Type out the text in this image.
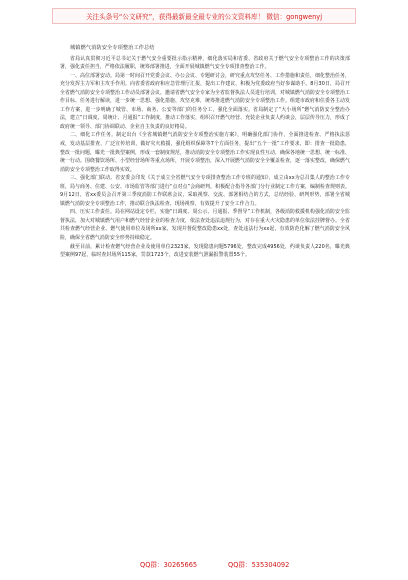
关注头条号“公文研究”，获得最新最全最专业的公文资料库！ 微信：gongwenyj
城镇燃气消防安全专项整治工作总结

省局认真贯彻习近平总书记关于燃气安全重要批示指示精神，细化落实局和省委、省政府关于燃气安全专项整治工作的决策部署，强化责任担当，严格依法履职，统筹部署推进，全面开展城镇燃气安全专项排查整治工作。

一、高位部署安动。局第一时间召开党委会议、办公会议、专题研讨会，研究重点攻坚任务、工作措施和责任，细化整治任务，充分发挥主力军和主攻手作用。向省委省政府和应急管理厅汇报，提出工作建议，积极为党委政府当好参谋助手。8月30日，局召开全省燃气消防安全专项整治工作动员部署会议，邀请省燃气安全专家为全省监督执法人员进行培训，对城镇燃气消防安全专项整治工作目标、任务进行解读，进一步统一思想、强化措施、攻坚克难，统筹推进燃气消防安全专项整治工作。组建市政府和住委各主动发工作方案，进一步明确了城管、市场、商务、公安等部门的任务分工，强化全面落实。省局制定了“大小场所”燃气消防安全整治办法，建立“日调度、周统计、月通报”工作制度，推动工作落实，组织召开燃气经营、充装企业负责人约谈会，层层传导压力，形成了政府统一领导、部门协调联动、企业自主负责的良好格局。

二、细化工作任务。制定出台《全省城镇燃气消防安全专项整治实施方案》，明确强化部门协作，全面推进检查、严格执法惩戒，发动基层排查，广泛宣传培训，做好灾火救援，强化组织保障等7个方面任务，提出“五个一批”工作要求，即：排查一批隐患，整改一批问题，曝光一批典型案例，形成一套制度规范，推动消防安全专项整治工作实现良性互动，确保各地统一思想、统一标准、统一行动。围绕餐饮场所、小型经营场所等重点场所，开展专项整治，深入开展燃气消防安全全覆盖检查，逐一落实整改，确保燃气消防安全专项整治工作取得实效。

三、强化部门联动。省安委会印发《关于成立全省燃气安全专项排查整治工作专班的通知》，成立由xx为总召集人的整治工作专班，局与商务、住建、公安、市场监管等部门进行“点对点”会商研判，积极配合指导各部门分行业制定工作方案，编制检查规则表。9月12日，省xx委员会召开第三季度消防工作联席会议，采取视察、交流、部署相结合的方式，总结经验，研判形势，部署全省城镇燃气消防安全专项整治工作，推动联合执法检查、现场视察，有效提升了安全工作合力。

四、压实工作责任。局在网站设定专栏，实施“日调度、周公示、月通报、季督导”工作机制，各级消防救援机构强化消防安全监督执法，加大对城镇燃气用户和燃气经营企业的检查力度，依法查处违法违规行为，对存在重大火灾隐患的单位依法挂牌督办。全省共检查燃气经营企业、燃气使用单位及场所xx家，发现并督促整改隐患xx处，查处违法行为xx起，有效防范化解了燃气消防安全风险，确保全省燃气消防安全形势持续稳定。

截至目前，累计检查燃气经营企业及使用单位2323家，发现隐患问题5796处，整改完成4956处，约谈负责人220名，曝光典型案例97起，临时查封场所115家，罚款1723个，改进安装燃气泄漏报警装置55个。

QQ群：30265665	QQ群：535304092
